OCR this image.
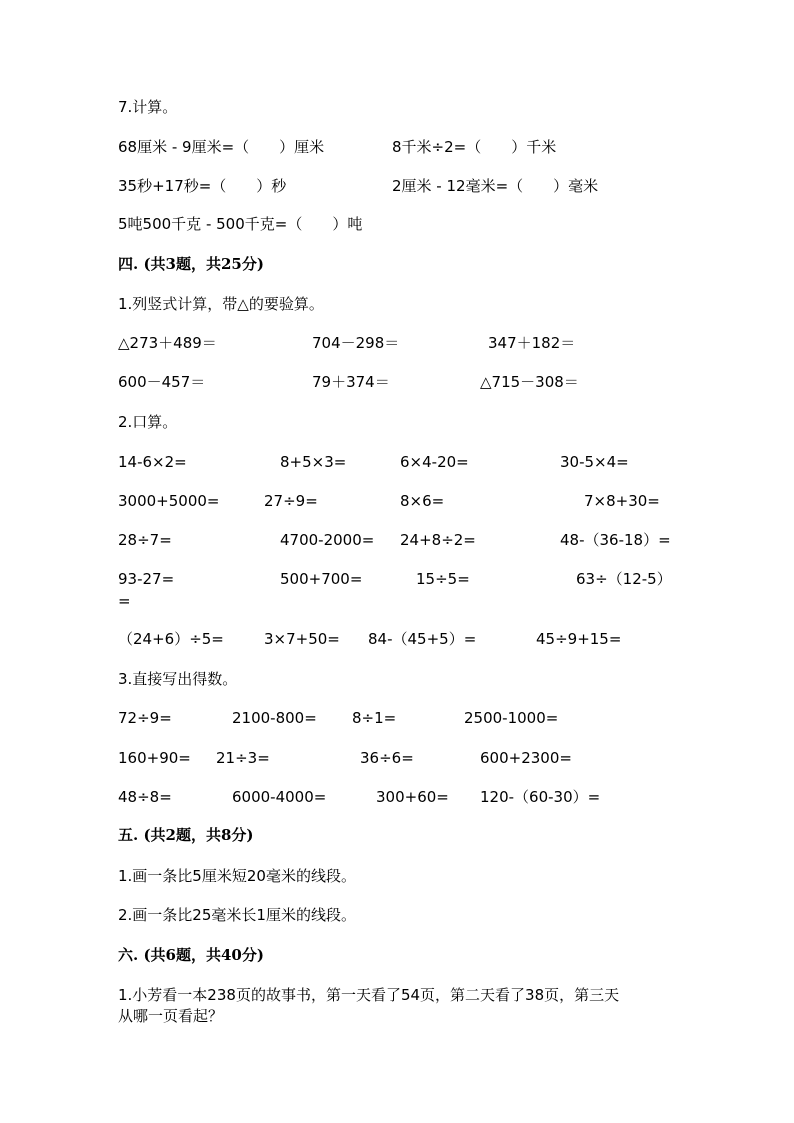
7.计算。
68厘米 - 9厘米=（　　）厘米	8千米÷2=（　　）千米
35秒+17秒=（　　）秒	2厘米 - 12毫米=（　　）毫米
5吨500千克 - 500千克=（　　）吨
四. (共3题，共25分)
1.列竖式计算，带△的要验算。
△273＋489＝	704－298＝	347＋182＝
600－457＝	79＋374＝	△715－308＝
2.口算。
14-6×2=	8+5×3=	6×4-20=	30-5×4=
3000+5000=	27÷9=	8×6=	7×8+30=
28÷7=	4700-2000= 24+8÷2=	48-（36-18）=
93-27=	500+700=	15÷5=	63÷（12-5）
=
（24+6）÷5=	3×7+50= 84-（45+5）=	45÷9+15=
3.直接写出得数。
72÷9=	2100-800= 8÷1=	2500-1000=
160+90= 21÷3=	36÷6=	600+2300=
48÷8=	6000-4000=	300+60= 120-（60-30）=
五. (共2题，共8分)
1.画一条比5厘米短20毫米的线段。
2.画一条比25毫米长1厘米的线段。
六. (共6题，共40分)
1.小芳看一本238页的故事书，第一天看了54页，第二天看了38页，第三天
从哪一页看起？
